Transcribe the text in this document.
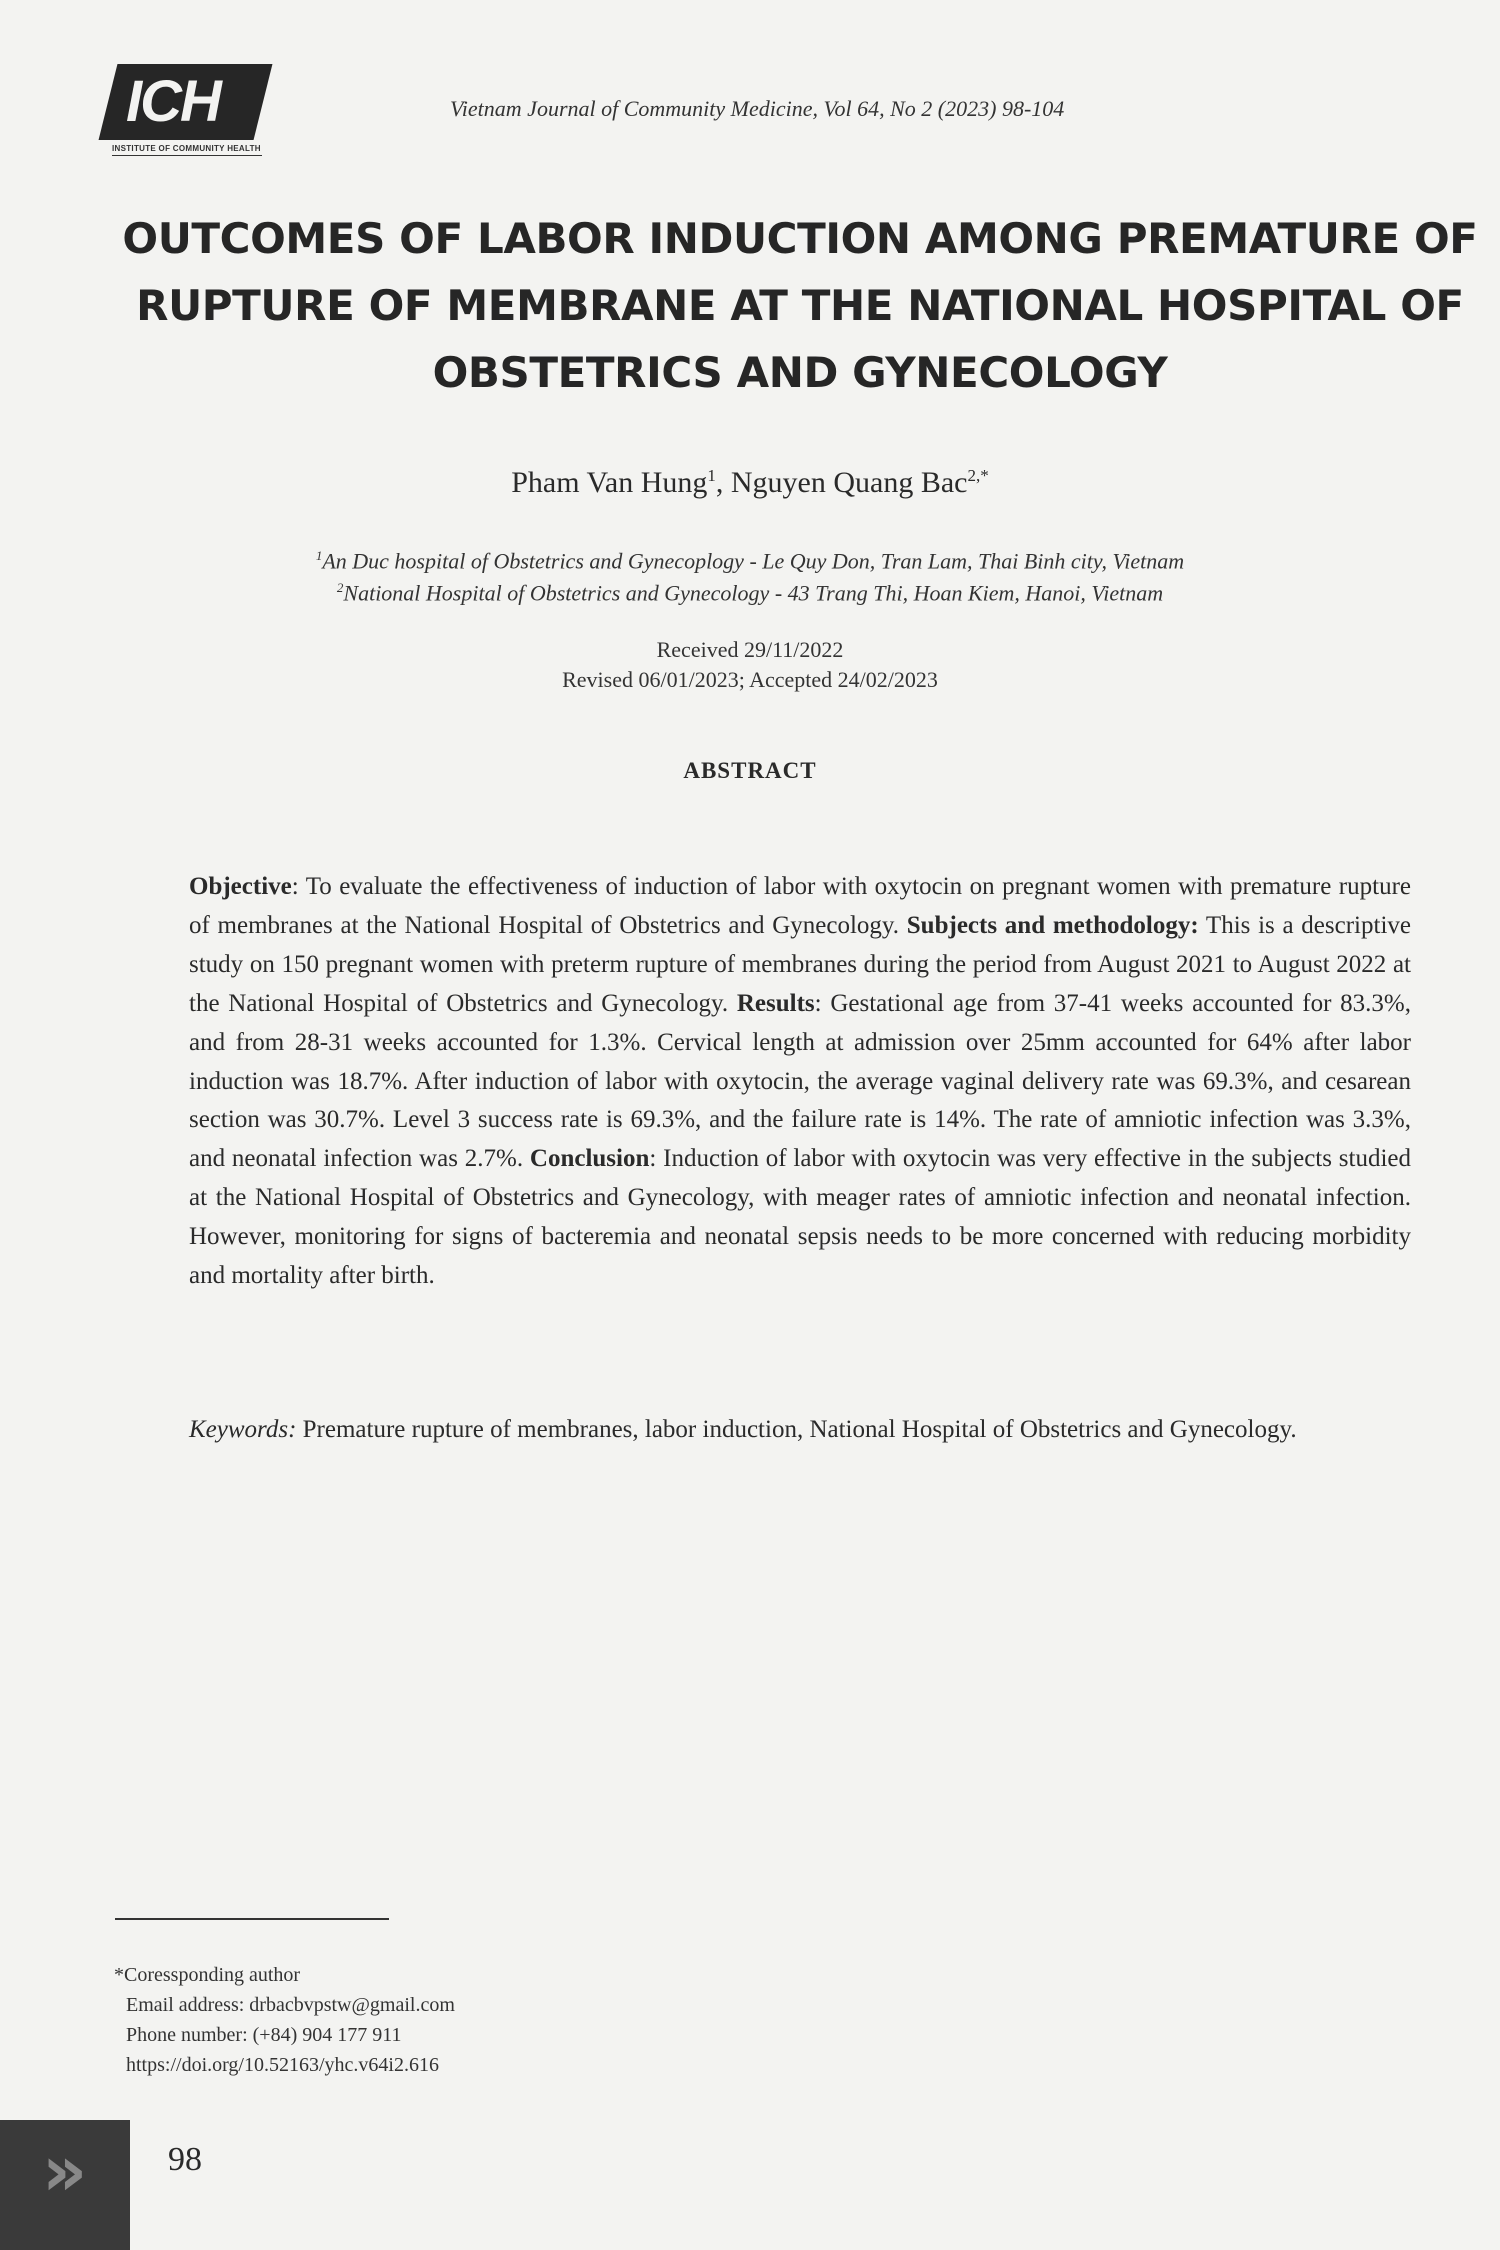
ICH
INSTITUTE OF COMMUNITY HEALTH
Vietnam Journal of Community Medicine, Vol 64, No 2 (2023) 98-104
OUTCOMES OF LABOR INDUCTION AMONG PREMATURE OF
RUPTURE OF MEMBRANE AT THE NATIONAL HOSPITAL OF
OBSTETRICS AND GYNECOLOGY
Pham Van Hung$^1$, Nguyen Quang Bac$^{2,*}$
$^1$An Duc hospital of Obstetrics and Gynecoplogy - Le Quy Don, Tran Lam, Thai Binh city, Vietnam
$^2$National Hospital of Obstetrics and Gynecology - 43 Trang Thi, Hoan Kiem, Hanoi, Vietnam
Received 29/11/2022
Revised 06/01/2023; Accepted 24/02/2023
ABSTRACT

Objective: To evaluate the effectiveness of induction of labor with oxytocin on pregnant women with premature rupture of membranes at the National Hospital of Obstetrics and Gynecology. Subjects and methodology: This is a descriptive study on 150 pregnant women with preterm rupture of membranes during the period from August 2021 to August 2022 at the National Hospital of Obstetrics and Gynecology. Results: Gestational age from 37-41 weeks accounted for 83.3%, and from 28-31 weeks accounted for 1.3%. Cervical length at admission over 25mm accounted for 64% after labor induction was 18.7%. After induction of labor with oxytocin, the average vaginal delivery rate was 69.3%, and cesarean section was 30.7%. Level 3 success rate is 69.3%, and the failure rate is 14%. The rate of amniotic infection was 3.3%, and neonatal infection was 2.7%. Conclusion: Induction of labor with oxytocin was very effective in the subjects studied at the National Hospital of Obstetrics and Gynecology, with meager rates of amniotic infection and neonatal infection. However, monitoring for signs of bacteremia and neonatal sepsis needs to be more concerned with reducing morbidity and mortality after birth.

Keywords: Premature rupture of membranes, labor induction, National Hospital of Obstetrics and Gynecology.

*Coressponding author
Email address: drbacbvpstw@gmail.com
Phone number: (+84) 904 177 911
https://doi.org/10.52163/yhc.v64i2.616
» 98
